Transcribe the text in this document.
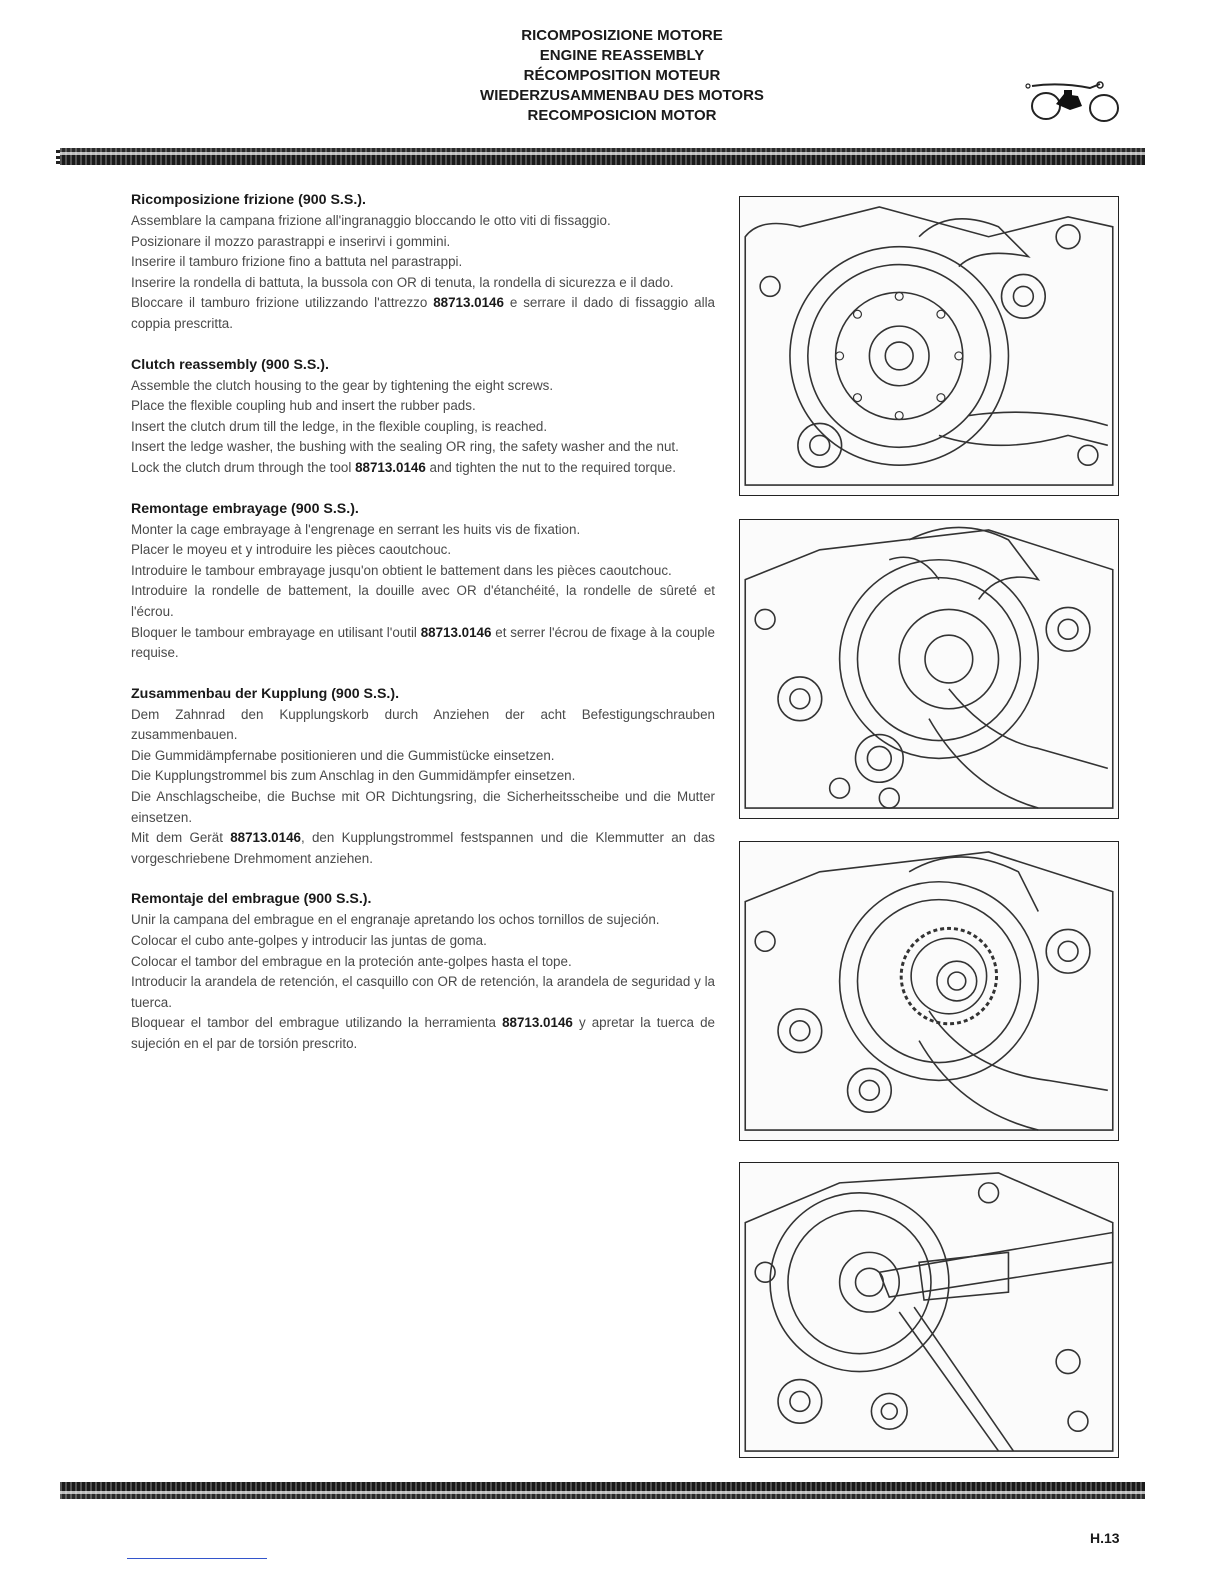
RICOMPOSIZIONE MOTORE
ENGINE REASSEMBLY
RÉCOMPOSITION MOTEUR
WIEDERZUSAMMENBAU DES MOTORS
RECOMPOSICION MOTOR
Ricomposizione frizione (900 S.S.).

Assemblare la campana frizione all'ingranaggio bloccando le otto viti di fissaggio.

Posizionare il mozzo parastrappi e inserirvi i gommini.

Inserire il tamburo frizione fino a battuta nel parastrappi.

Inserire la rondella di battuta, la bussola con OR di tenuta, la rondella di sicurezza e il dado.

Bloccare il tamburo frizione utilizzando l'attrezzo 88713.0146 e serrare il dado di fissaggio alla coppia prescritta.

Clutch reassembly (900 S.S.).

Assemble the clutch housing to the gear by tightening the eight screws.

Place the flexible coupling hub and insert the rubber pads.

Insert the clutch drum till the ledge, in the flexible coupling, is reached.

Insert the ledge washer, the bushing with the sealing OR ring, the safety washer and the nut.

Lock the clutch drum through the tool 88713.0146 and tighten the nut to the required torque.

Remontage embrayage (900 S.S.).

Monter la cage embrayage à l'engrenage en serrant les huits vis de fixation.

Placer le moyeu et y introduire les pièces caoutchouc.

Introduire le tambour embrayage jusqu'on obtient le battement dans les pièces caoutchouc.

Introduire la rondelle de battement, la douille avec OR d'étanchéité, la rondelle de sûreté et l'écrou.

Bloquer le tambour embrayage en utilisant l'outil 88713.0146 et serrer l'écrou de fixage à la couple requise.

Zusammenbau der Kupplung (900 S.S.).

Dem Zahnrad den Kupplungskorb durch Anziehen der acht Befestigungschrauben zusammenbauen.

Die Gummidämpfernabe positionieren und die Gummistücke einsetzen.

Die Kupplungstrommel bis zum Anschlag in den Gummidämpfer einsetzen.

Die Anschlagscheibe, die Buchse mit OR Dichtungsring, die Sicherheitsscheibe und die Mutter einsetzen.

Mit dem Gerät 88713.0146, den Kupplungstrommel festspannen und die Klemmutter an das vorgeschriebene Drehmoment anziehen.

Remontaje del embrague (900 S.S.).

Unir la campana del embrague en el engranaje apretando los ochos tornillos de sujeción.

Colocar el cubo ante-golpes y introducir las juntas de goma.

Colocar el tambor del embrague en la proteción ante-golpes hasta el tope.

Introducir la arandela de retención, el casquillo con OR de retención, la arandela de seguridad y la tuerca.

Bloquear el tambor del embrague utilizando la herramienta 88713.0146 y apretar la tuerca de sujeción en el par de torsión prescrito.

H.13
